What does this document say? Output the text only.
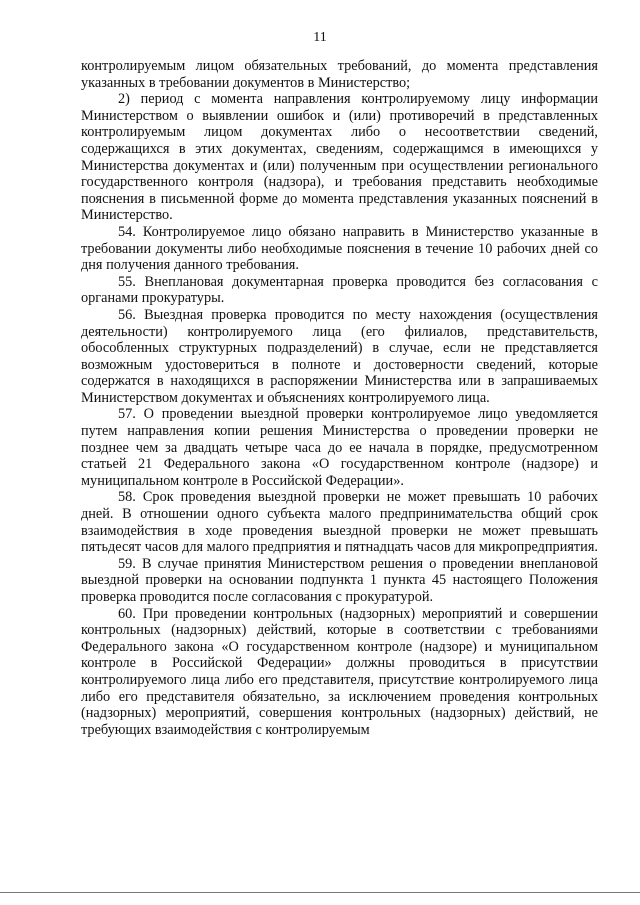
11

контролируемым лицом обязательных требований, до момента представления указанных в требовании документов в Министерство;

2) период с момента направления контролируемому лицу информации Министерством о выявлении ошибок и (или) противоречий в представленных контролируемым лицом документах либо о несоответствии сведений, содержащихся в этих документах, сведениям, содержащимся в имеющихся у Министерства документах и (или) полученным при осуществлении регионального государственного контроля (надзора), и требования представить необходимые пояснения в письменной форме до момента представления указанных пояснений в Министерство.

54. Контролируемое лицо обязано направить в Министерство указанные в требовании документы либо необходимые пояснения в течение 10 рабочих дней со дня получения данного требования.

55. Внеплановая документарная проверка проводится без согласования с органами прокуратуры.

56. Выездная проверка проводится по месту нахождения (осуществления деятельности) контролируемого лица (его филиалов, представительств, обособленных структурных подразделений) в случае, если не представляется возможным удостовериться в полноте и достоверности сведений, которые содержатся в находящихся в распоряжении Министерства или в запрашиваемых Министерством документах и объяснениях контролируемого лица.

57. О проведении выездной проверки контролируемое лицо уведомляется путем направления копии решения Министерства о проведении проверки не позднее чем за двадцать четыре часа до ее начала в порядке, предусмотренном статьей 21 Федерального закона «О государственном контроле (надзоре) и муниципальном контроле в Российской Федерации».

58. Срок проведения выездной проверки не может превышать 10 рабочих дней. В отношении одного субъекта малого предпринимательства общий срок взаимодействия в ходе проведения выездной проверки не может превышать пятьдесят часов для малого предприятия и пятнадцать часов для микропредприятия.

59. В случае принятия Министерством решения о проведении внеплановой выездной проверки на основании подпункта 1 пункта 45 настоящего Положения проверка проводится после согласования с прокуратурой.

60. При проведении контрольных (надзорных) мероприятий и совершении контрольных (надзорных) действий, которые в соответствии с требованиями Федерального закона «О государственном контроле (надзоре) и муниципальном контроле в Российской Федерации» должны проводиться в присутствии контролируемого лица либо его представителя, присутствие контролируемого лица либо его представителя обязательно, за исключением проведения контрольных (надзорных) мероприятий, совершения контрольных (надзорных) действий, не требующих взаимодействия с контролируемым
